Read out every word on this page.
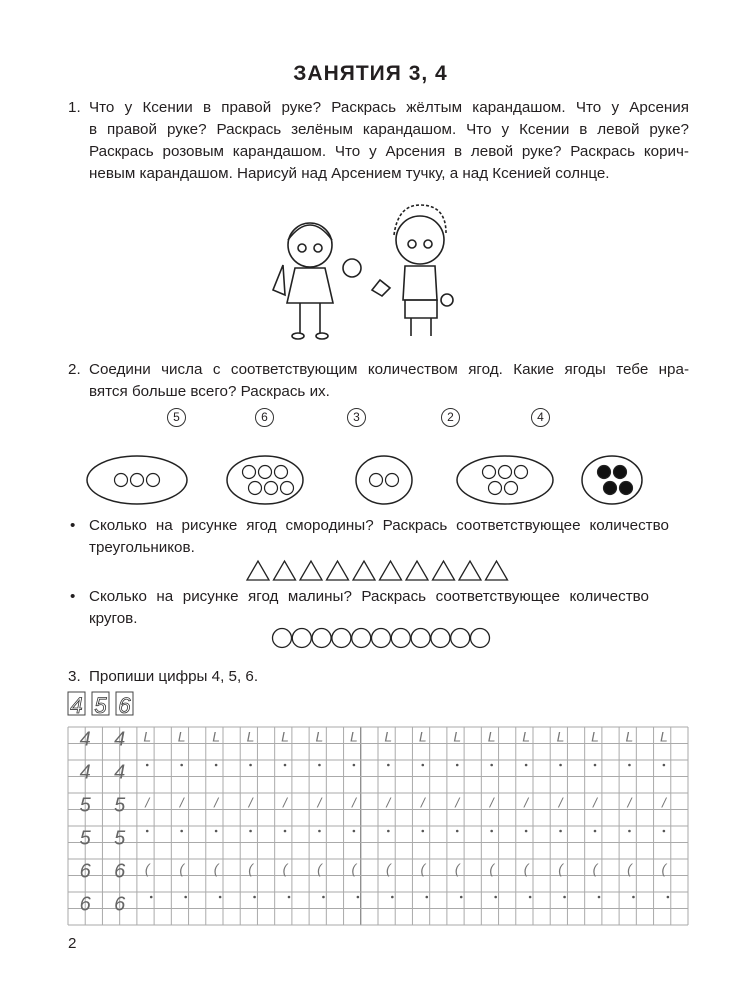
ЗАНЯТИЯ 3, 4
1. Что у Ксении в правой руке? Раскрась жёлтым карандашом. Что у Арсения
в правой руке? Раскрась зелёным карандашом. Что у Ксении в левой руке?
Раскрась розовым карандашом. Что у Арсения в левой руке? Раскрась корич-
невым карандашом. Нарисуй над Арсением тучку, а над Ксенией солнце.
2. Соедини числа с соответствующим количеством ягод. Какие ягоды тебе нра-
вятся больше всего? Раскрась их.
5	6	3	2	4
• Сколько на рисунке ягод смородины? Раскрась соответствующее количество
треугольников.
• Сколько на рисунке ягод малины? Раскрась соответствующее количество
кругов.
3. Пропиши цифры 4, 5, 6.
4 5 6
4 4 L L L L L L L L L L L L L L L L
4 4
5 5 / / / / / / / / / / / / / / / /
5 5
6 6 ( ( ( ( ( ( ( ( ( ( ( ( ( ( ( (
6 6
2
